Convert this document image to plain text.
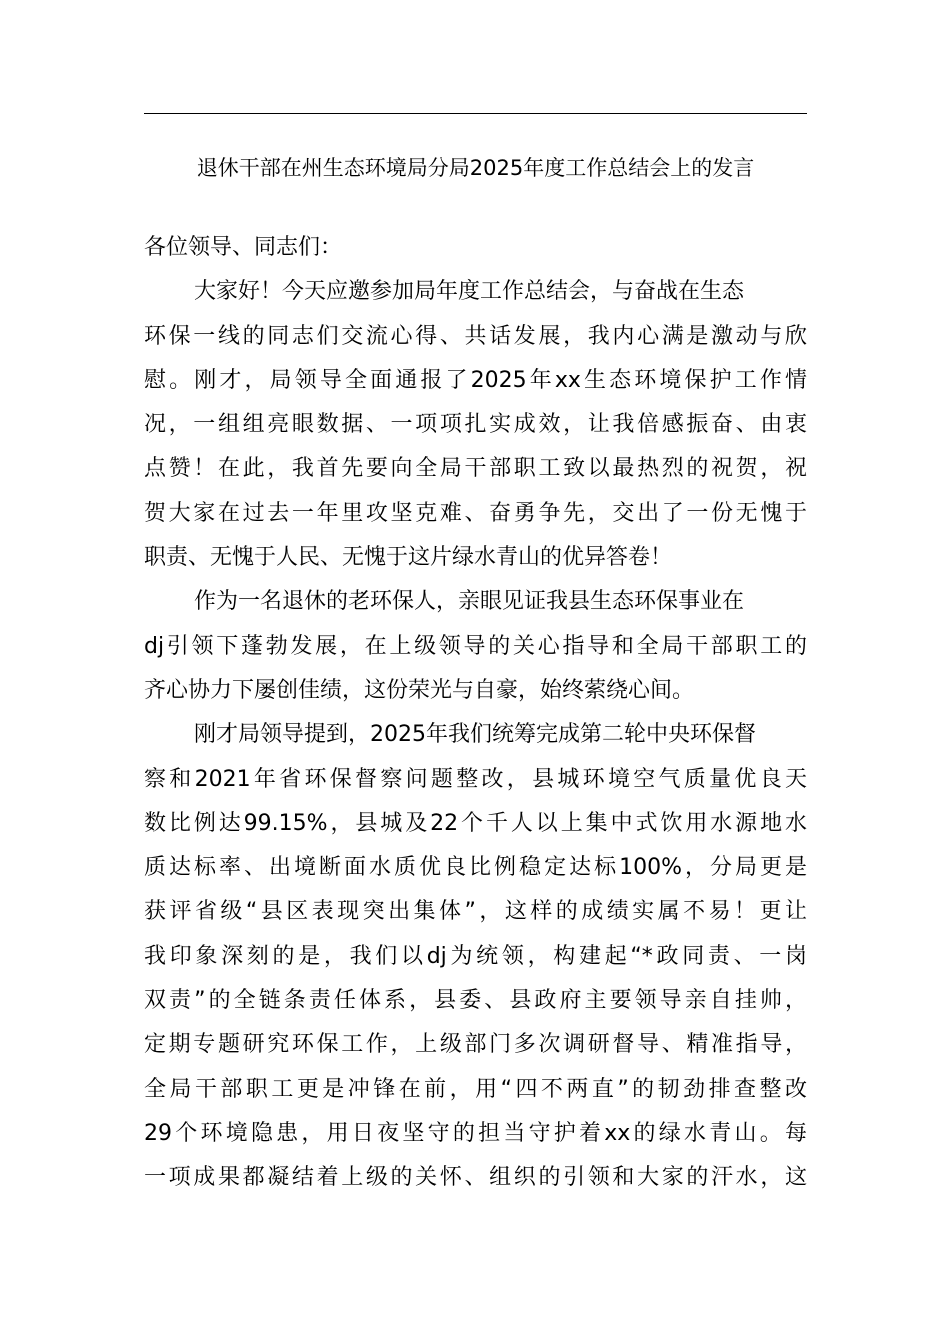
退休干部在州生态环境局分局2025年度工作总结会上的发言
各位领导、同志们：
大家好！今天应邀参加局年度工作总结会，与奋战在生态
环保一线的同志们交流心得、共话发展，我内心满是激动与欣
慰。刚才，局领导全面通报了2025年xx生态环境保护工作情
况，一组组亮眼数据、一项项扎实成效，让我倍感振奋、由衷
点赞！在此，我首先要向全局干部职工致以最热烈的祝贺，祝
贺大家在过去一年里攻坚克难、奋勇争先，交出了一份无愧于
职责、无愧于人民、无愧于这片绿水青山的优异答卷！
作为一名退休的老环保人，亲眼见证我县生态环保事业在
dj引领下蓬勃发展，在上级领导的关心指导和全局干部职工的
齐心协力下屡创佳绩，这份荣光与自豪，始终萦绕心间。
刚才局领导提到，2025年我们统筹完成第二轮中央环保督
察和2021年省环保督察问题整改，县城环境空气质量优良天
数比例达99.15%，县城及22个千人以上集中式饮用水源地水
质达标率、出境断面水质优良比例稳定达标100%，分局更是
获评省级“县区表现突出集体”，这样的成绩实属不易！更让
我印象深刻的是，我们以dj为统领，构建起“*政同责、一岗
双责”的全链条责任体系，县委、县政府主要领导亲自挂帅，
定期专题研究环保工作，上级部门多次调研督导、精准指导，
全局干部职工更是冲锋在前，用“四不两直”的韧劲排查整改
29个环境隐患，用日夜坚守的担当守护着xx的绿水青山。每
一项成果都凝结着上级的关怀、组织的引领和大家的汗水，这
